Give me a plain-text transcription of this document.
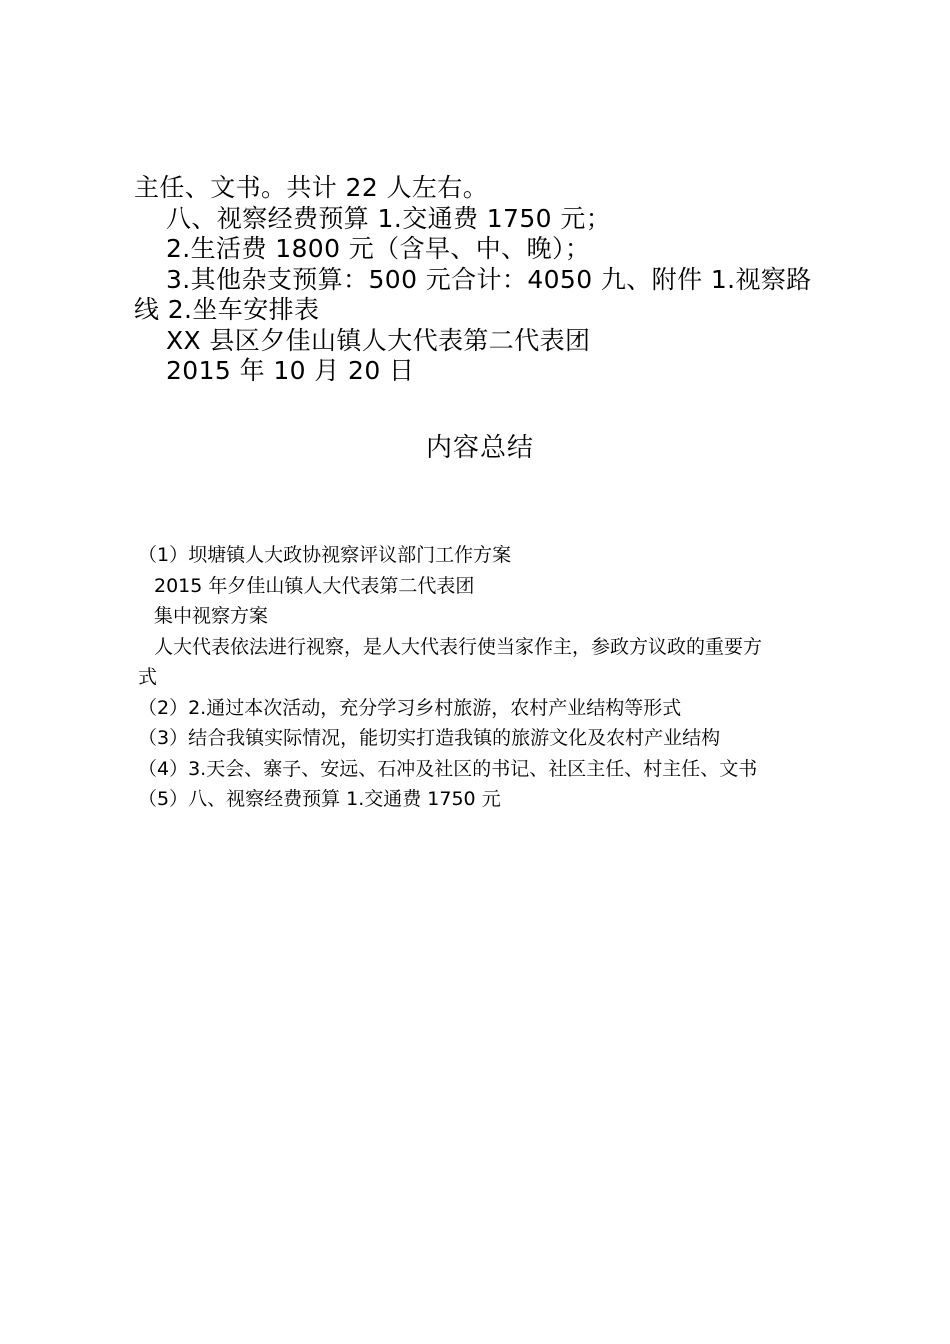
主任、文书。共计 22 人左右。

八、视察经费预算 1.交通费 1750 元；

2.生活费 1800 元（含早、中、晚）；

3.其他杂支预算：500 元合计：4050 九、附件 1.视察路

线 2.坐车安排表

XX 县区夕佳山镇人大代表第二代表团

2015 年 10 月 20 日

内容总结

（1）坝塘镇人大政协视察评议部门工作方案

2015 年夕佳山镇人大代表第二代表团

集中视察方案

人大代表依法进行视察，是人大代表行使当家作主，参政方议政的重要方

式

（2）2.通过本次活动，充分学习乡村旅游，农村产业结构等形式

（3）结合我镇实际情况，能切实打造我镇的旅游文化及农村产业结构

（4）3.天会、寨子、安远、石冲及社区的书记、社区主任、村主任、文书

（5）八、视察经费预算 1.交通费 1750 元
